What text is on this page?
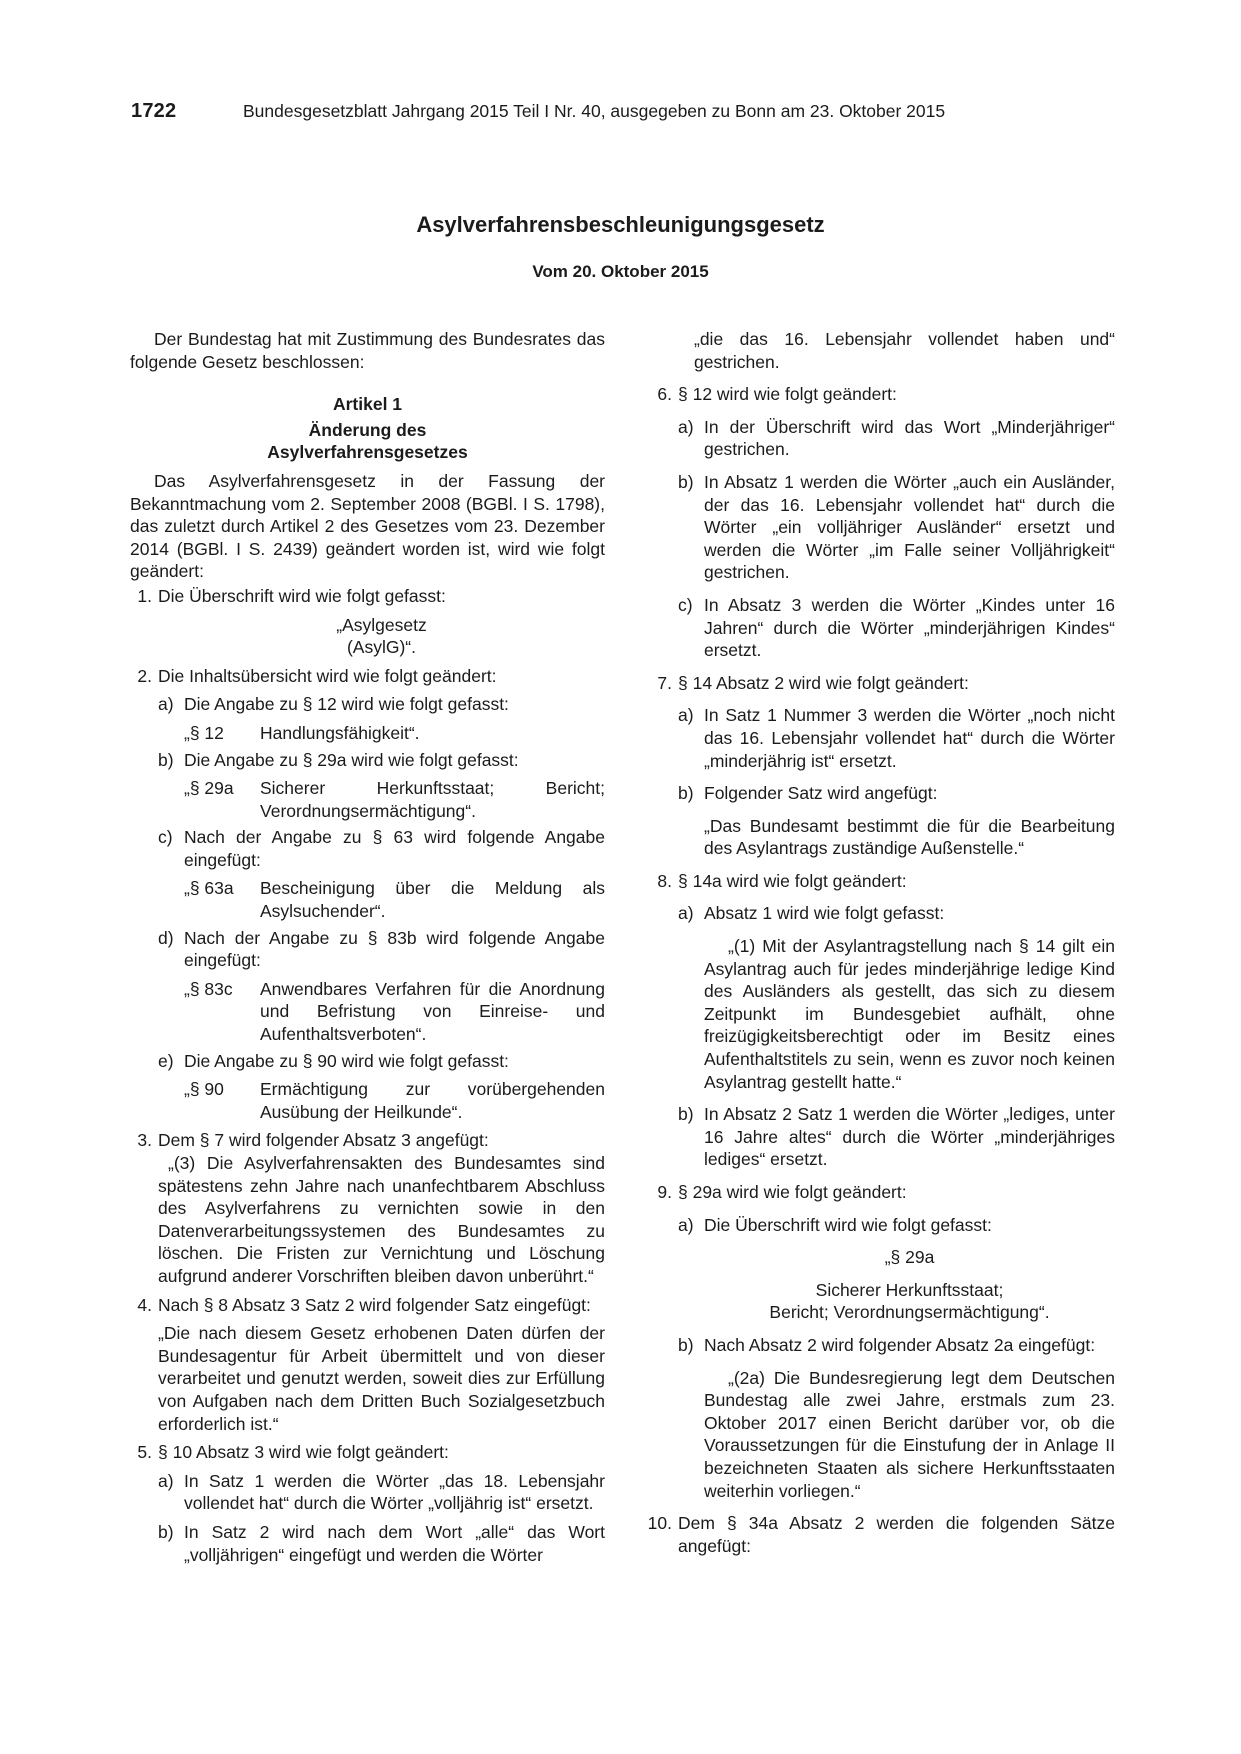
1722	Bundesgesetzblatt Jahrgang 2015 Teil I Nr. 40, ausgegeben zu Bonn am 23. Oktober 2015
Asylverfahrensbeschleunigungsgesetz
Vom 20. Oktober 2015

Der Bundestag hat mit Zustimmung des Bundesrates das folgende Gesetz beschlossen:

Artikel 1

Änderung des

Asylverfahrensgesetzes

Das Asylverfahrensgesetz in der Fassung der Bekanntmachung vom 2. September 2008 (BGBl. I S. 1798), das zuletzt durch Artikel 2 des Gesetzes vom 23. Dezember 2014 (BGBl. I S. 2439) geändert worden ist, wird wie folgt geändert:

1. Die Überschrift wird wie folgt gefasst:

„Asylgesetz

(AsylG)“.

2. Die Inhaltsübersicht wird wie folgt geändert:

a) Die Angabe zu § 12 wird wie folgt gefasst:

„§ 12	Handlungsfähigkeit“.
b) Die Angabe zu § 29a wird wie folgt gefasst:

„§ 29a	Sicherer Herkunftsstaat; Bericht; Verordnungsermächtigung“.
c) Nach der Angabe zu § 63 wird folgende Angabe eingefügt:

„§ 63a	Bescheinigung über die Meldung als Asylsuchender“.
d) Nach der Angabe zu § 83b wird folgende Angabe eingefügt:

„§ 83c	Anwendbares Verfahren für die Anordnung und Befristung von Einreise- und Aufenthaltsverboten“.
e) Die Angabe zu § 90 wird wie folgt gefasst:

„§ 90	Ermächtigung zur vorübergehenden Ausübung der Heilkunde“.
3. Dem § 7 wird folgender Absatz 3 angefügt:

„(3) Die Asylverfahrensakten des Bundesamtes sind spätestens zehn Jahre nach unanfechtbarem Abschluss des Asylverfahrens zu vernichten sowie in den Datenverarbeitungssystemen des Bundesamtes zu löschen. Die Fristen zur Vernichtung und Löschung aufgrund anderer Vorschriften bleiben davon unberührt.“

4. Nach § 8 Absatz 3 Satz 2 wird folgender Satz eingefügt:

„Die nach diesem Gesetz erhobenen Daten dürfen der Bundesagentur für Arbeit übermittelt und von dieser verarbeitet und genutzt werden, soweit dies zur Erfüllung von Aufgaben nach dem Dritten Buch Sozialgesetzbuch erforderlich ist.“

5. § 10 Absatz 3 wird wie folgt geändert:

a) In Satz 1 werden die Wörter „das 18. Lebensjahr vollendet hat“ durch die Wörter „volljährig ist“ ersetzt.

b) In Satz 2 wird nach dem Wort „alle“ das Wort „volljährigen“ eingefügt und werden die Wörter

„die das 16. Lebensjahr vollendet haben und“ gestrichen.

6. § 12 wird wie folgt geändert:

a) In der Überschrift wird das Wort „Minderjähriger“ gestrichen.

b) In Absatz 1 werden die Wörter „auch ein Ausländer, der das 16. Lebensjahr vollendet hat“ durch die Wörter „ein volljähriger Ausländer“ ersetzt und werden die Wörter „im Falle seiner Volljährigkeit“ gestrichen.

c) In Absatz 3 werden die Wörter „Kindes unter 16 Jahren“ durch die Wörter „minderjährigen Kindes“ ersetzt.

7. § 14 Absatz 2 wird wie folgt geändert:

a) In Satz 1 Nummer 3 werden die Wörter „noch nicht das 16. Lebensjahr vollendet hat“ durch die Wörter „minderjährig ist“ ersetzt.

b) Folgender Satz wird angefügt:

„Das Bundesamt bestimmt die für die Bearbeitung des Asylantrags zuständige Außenstelle.“

8. § 14a wird wie folgt geändert:

a) Absatz 1 wird wie folgt gefasst:

„(1) Mit der Asylantragstellung nach § 14 gilt ein Asylantrag auch für jedes minderjährige ledige Kind des Ausländers als gestellt, das sich zu diesem Zeitpunkt im Bundesgebiet aufhält, ohne freizügigkeitsberechtigt oder im Besitz eines Aufenthaltstitels zu sein, wenn es zuvor noch keinen Asylantrag gestellt hatte.“

b) In Absatz 2 Satz 1 werden die Wörter „lediges, unter 16 Jahre altes“ durch die Wörter „minderjähriges lediges“ ersetzt.

9. § 29a wird wie folgt geändert:

a) Die Überschrift wird wie folgt gefasst:

„§ 29a

Sicherer Herkunftsstaat;

Bericht; Verordnungsermächtigung“.

b) Nach Absatz 2 wird folgender Absatz 2a eingefügt:

„(2a) Die Bundesregierung legt dem Deutschen Bundestag alle zwei Jahre, erstmals zum 23. Oktober 2017 einen Bericht darüber vor, ob die Voraussetzungen für die Einstufung der in Anlage II bezeichneten Staaten als sichere Herkunftsstaaten weiterhin vorliegen.“

10. Dem § 34a Absatz 2 werden die folgenden Sätze angefügt:
